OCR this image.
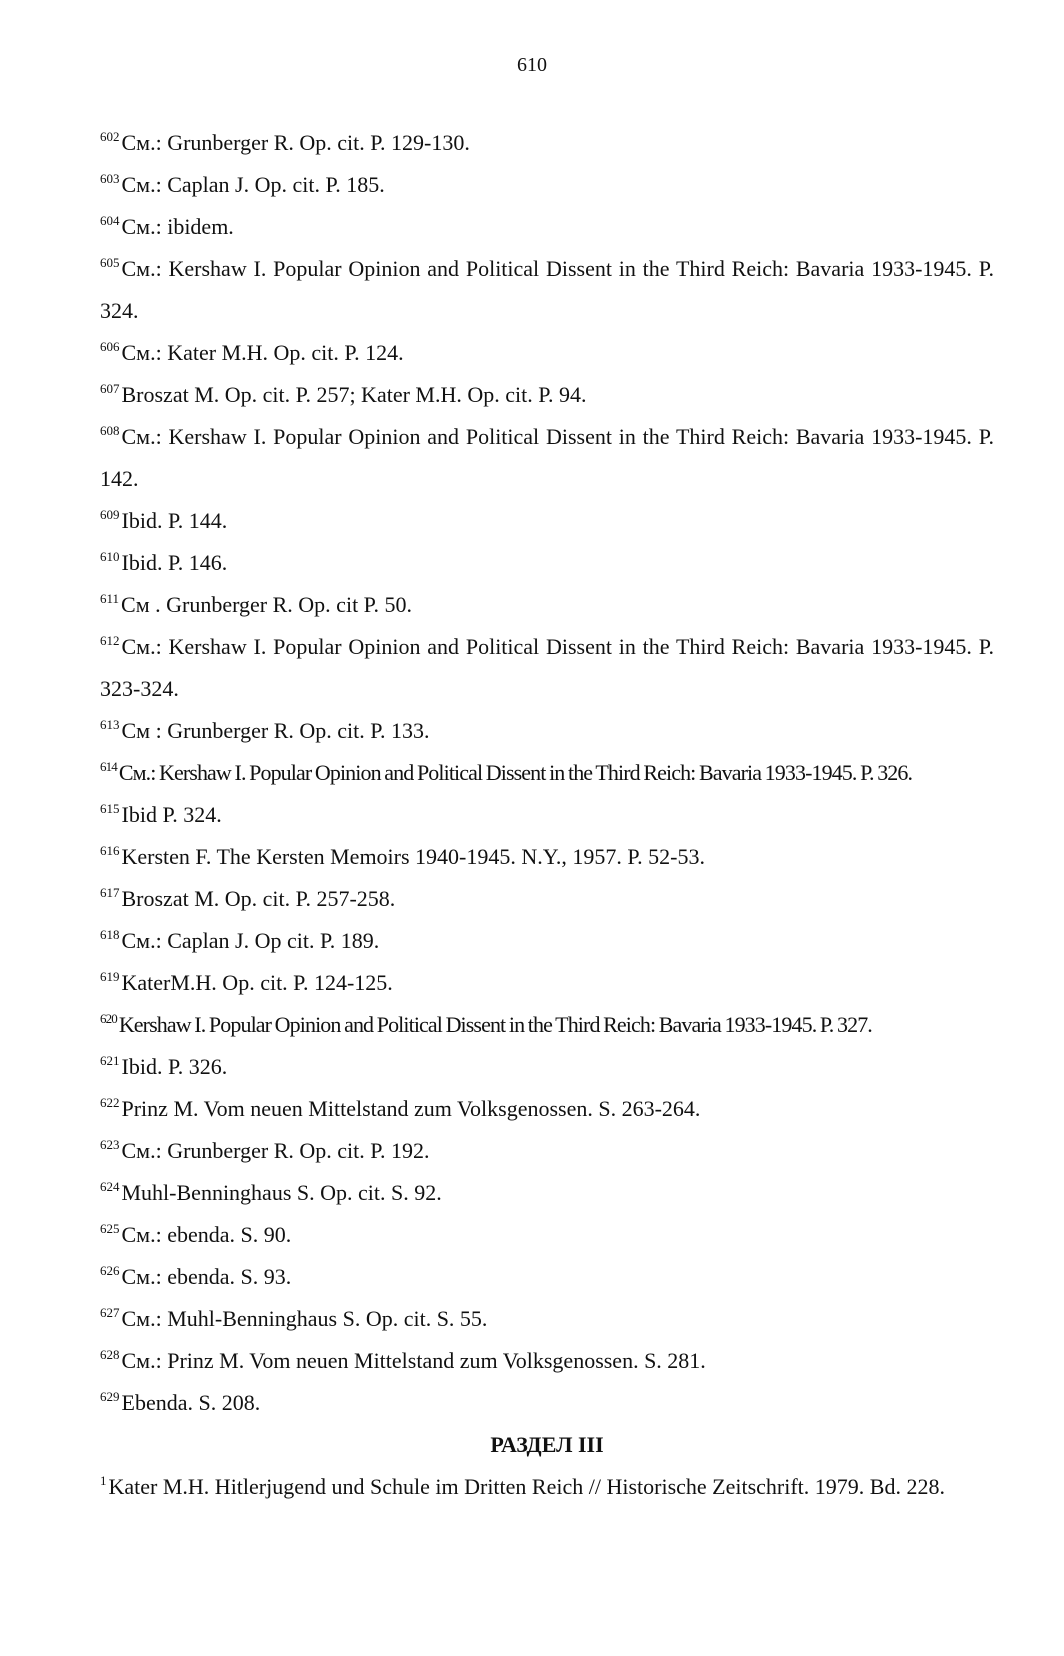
610
$^{602}$См.: Grunberger R. Op. cit. P. 129-130.
$^{603}$См.: Caplan J. Op. cit. P. 185.
$^{604}$См.: ibidem.
$^{605}$См.: Kershaw I. Popular Opinion and Political Dissent in the Third Reich: Bavaria 1933-1945. P. 324.
$^{606}$См.: Kater M.H. Op. cit. P. 124.
$^{607}$Broszat M. Op. cit. P. 257; Kater M.H. Op. cit. P. 94.
$^{608}$См.: Kershaw I. Popular Opinion and Political Dissent in the Third Reich: Bavaria 1933-1945. P. 142.
$^{609}$Ibid. P. 144.
$^{610}$Ibid. P. 146.
$^{611}$См . Grunberger R. Op. cit P. 50.
$^{612}$См.: Kershaw I. Popular Opinion and Political Dissent in the Third Reich: Bavaria 1933-1945. P. 323-324.
$^{613}$См : Grunberger R. Op. cit. P. 133.
$^{614}$См.: Kershaw I. Popular Opinion and Political Dissent in the Third Reich: Bavaria 1933-1945. P. 326.
$^{615}$Ibid P. 324.
$^{616}$Kersten F. The Kersten Memoirs 1940-1945. N.Y., 1957. P. 52-53.
$^{617}$Broszat M. Op. cit. P. 257-258.
$^{618}$См.: Caplan J. Op cit. P. 189.
$^{619}$KaterM.H. Op. cit. P. 124-125.
$^{620}$Kershaw I. Popular Opinion and Political Dissent in the Third Reich: Bavaria 1933-1945. P. 327.
$^{621}$Ibid. P. 326.
$^{622}$Prinz M. Vom neuen Mittelstand zum Volksgenossen. S. 263-264.
$^{623}$См.: Grunberger R. Op. cit. P. 192.
$^{624}$Muhl-Benninghaus S. Op. cit. S. 92.
$^{625}$См.: ebenda. S. 90.
$^{626}$См.: ebenda. S. 93.
$^{627}$См.: Muhl-Benninghaus S. Op. cit. S. 55.
$^{628}$См.: Prinz M. Vom neuen Mittelstand zum Volksgenossen. S. 281.
$^{629}$Ebenda. S. 208.
РАЗДЕЛ III
$^1$Kater M.H. Hitlerjugend und Schule im Dritten Reich // Historische Zeitschrift. 1979. Bd. 228.
